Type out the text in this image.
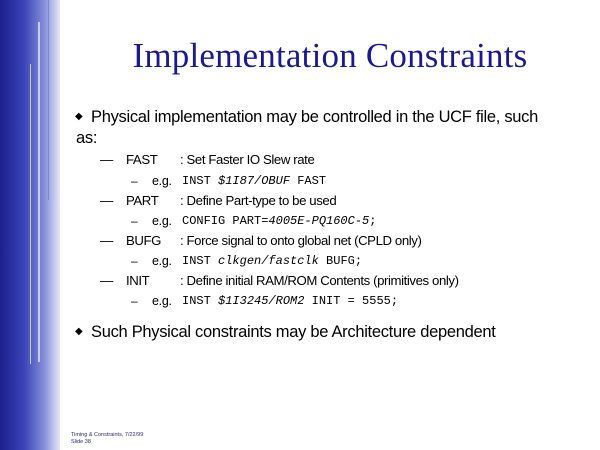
Implementation Constraints
◆ Physical implementation may be controlled in the UCF file, such
as:
— FAST : Set Faster IO Slew rate
– e.g. INST $1I87/OBUF FAST
— PART : Define Part-type to be used
– e.g. CONFIG PART=4005E-PQ160C-5;
— BUFG : Force signal to onto global net (CPLD only)
– e.g. INST clkgen/fastclk BUFG;
— INIT : Define initial RAM/ROM Contents (primitives only)
– e.g. INST $1I3245/ROM2 INIT = 5555;
◆ Such Physical constraints may be Architecture dependent
Timing & Constraints, 7/22/99
Slide 38
